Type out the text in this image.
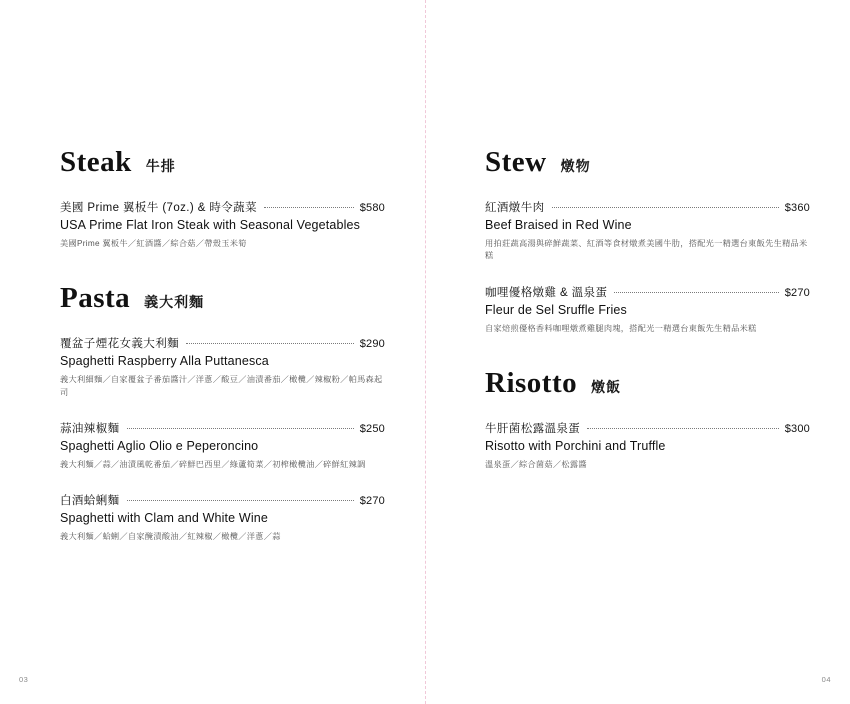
Steak 牛排
美國 Prime 翼板牛 (7oz.) & 時令蔬菜	$580
USA Prime Flat Iron Steak with Seasonal Vegetables
美國Prime 翼板牛／紅酒醬／綜合菇／帶殼玉米筍
Pasta 義大利麵
覆盆子煙花女義大利麵	$290
Spaghetti Raspberry Alla Puttanesca
義大利細麵／自家覆盆子番茄醬汁／洋蔥／酸豆／油漬番茄／橄欖／辣椒粉／帕馬森起司
蒜油辣椒麵	$250
Spaghetti Aglio Olio e Peperoncino
義大利麵／蒜／油漬風乾番茄／碎鮮巴西里／綠蘆筍菜／初榨橄欖油／碎鮮紅辣調
白酒蛤蜊麵	$270
Spaghetti with Clam and White Wine
義大利麵／蛤蜊／自家醃漬酸油／紅辣椒／橄欖／洋蔥／蒜
03
Stew 燉物
紅酒燉牛肉	$360
Beef Braised in Red Wine
用拍莊蔬高湯與碎鮮蔬菜、紅酒等食材燉煮美國牛肋，搭配光一精選台東飯先生精品米糕
咖哩優格燉雞 & 溫泉蛋	$270
Fleur de Sel Sruffle Fries
自家焙煎優格香料咖哩燉煮雞腿肉塊，搭配光一精選台東飯先生精品米糕
Risotto 燉飯
牛肝菌松露溫泉蛋	$300
Risotto with Porchini and Truffle
溫泉蛋／綜合菌菇／松露醬
04
